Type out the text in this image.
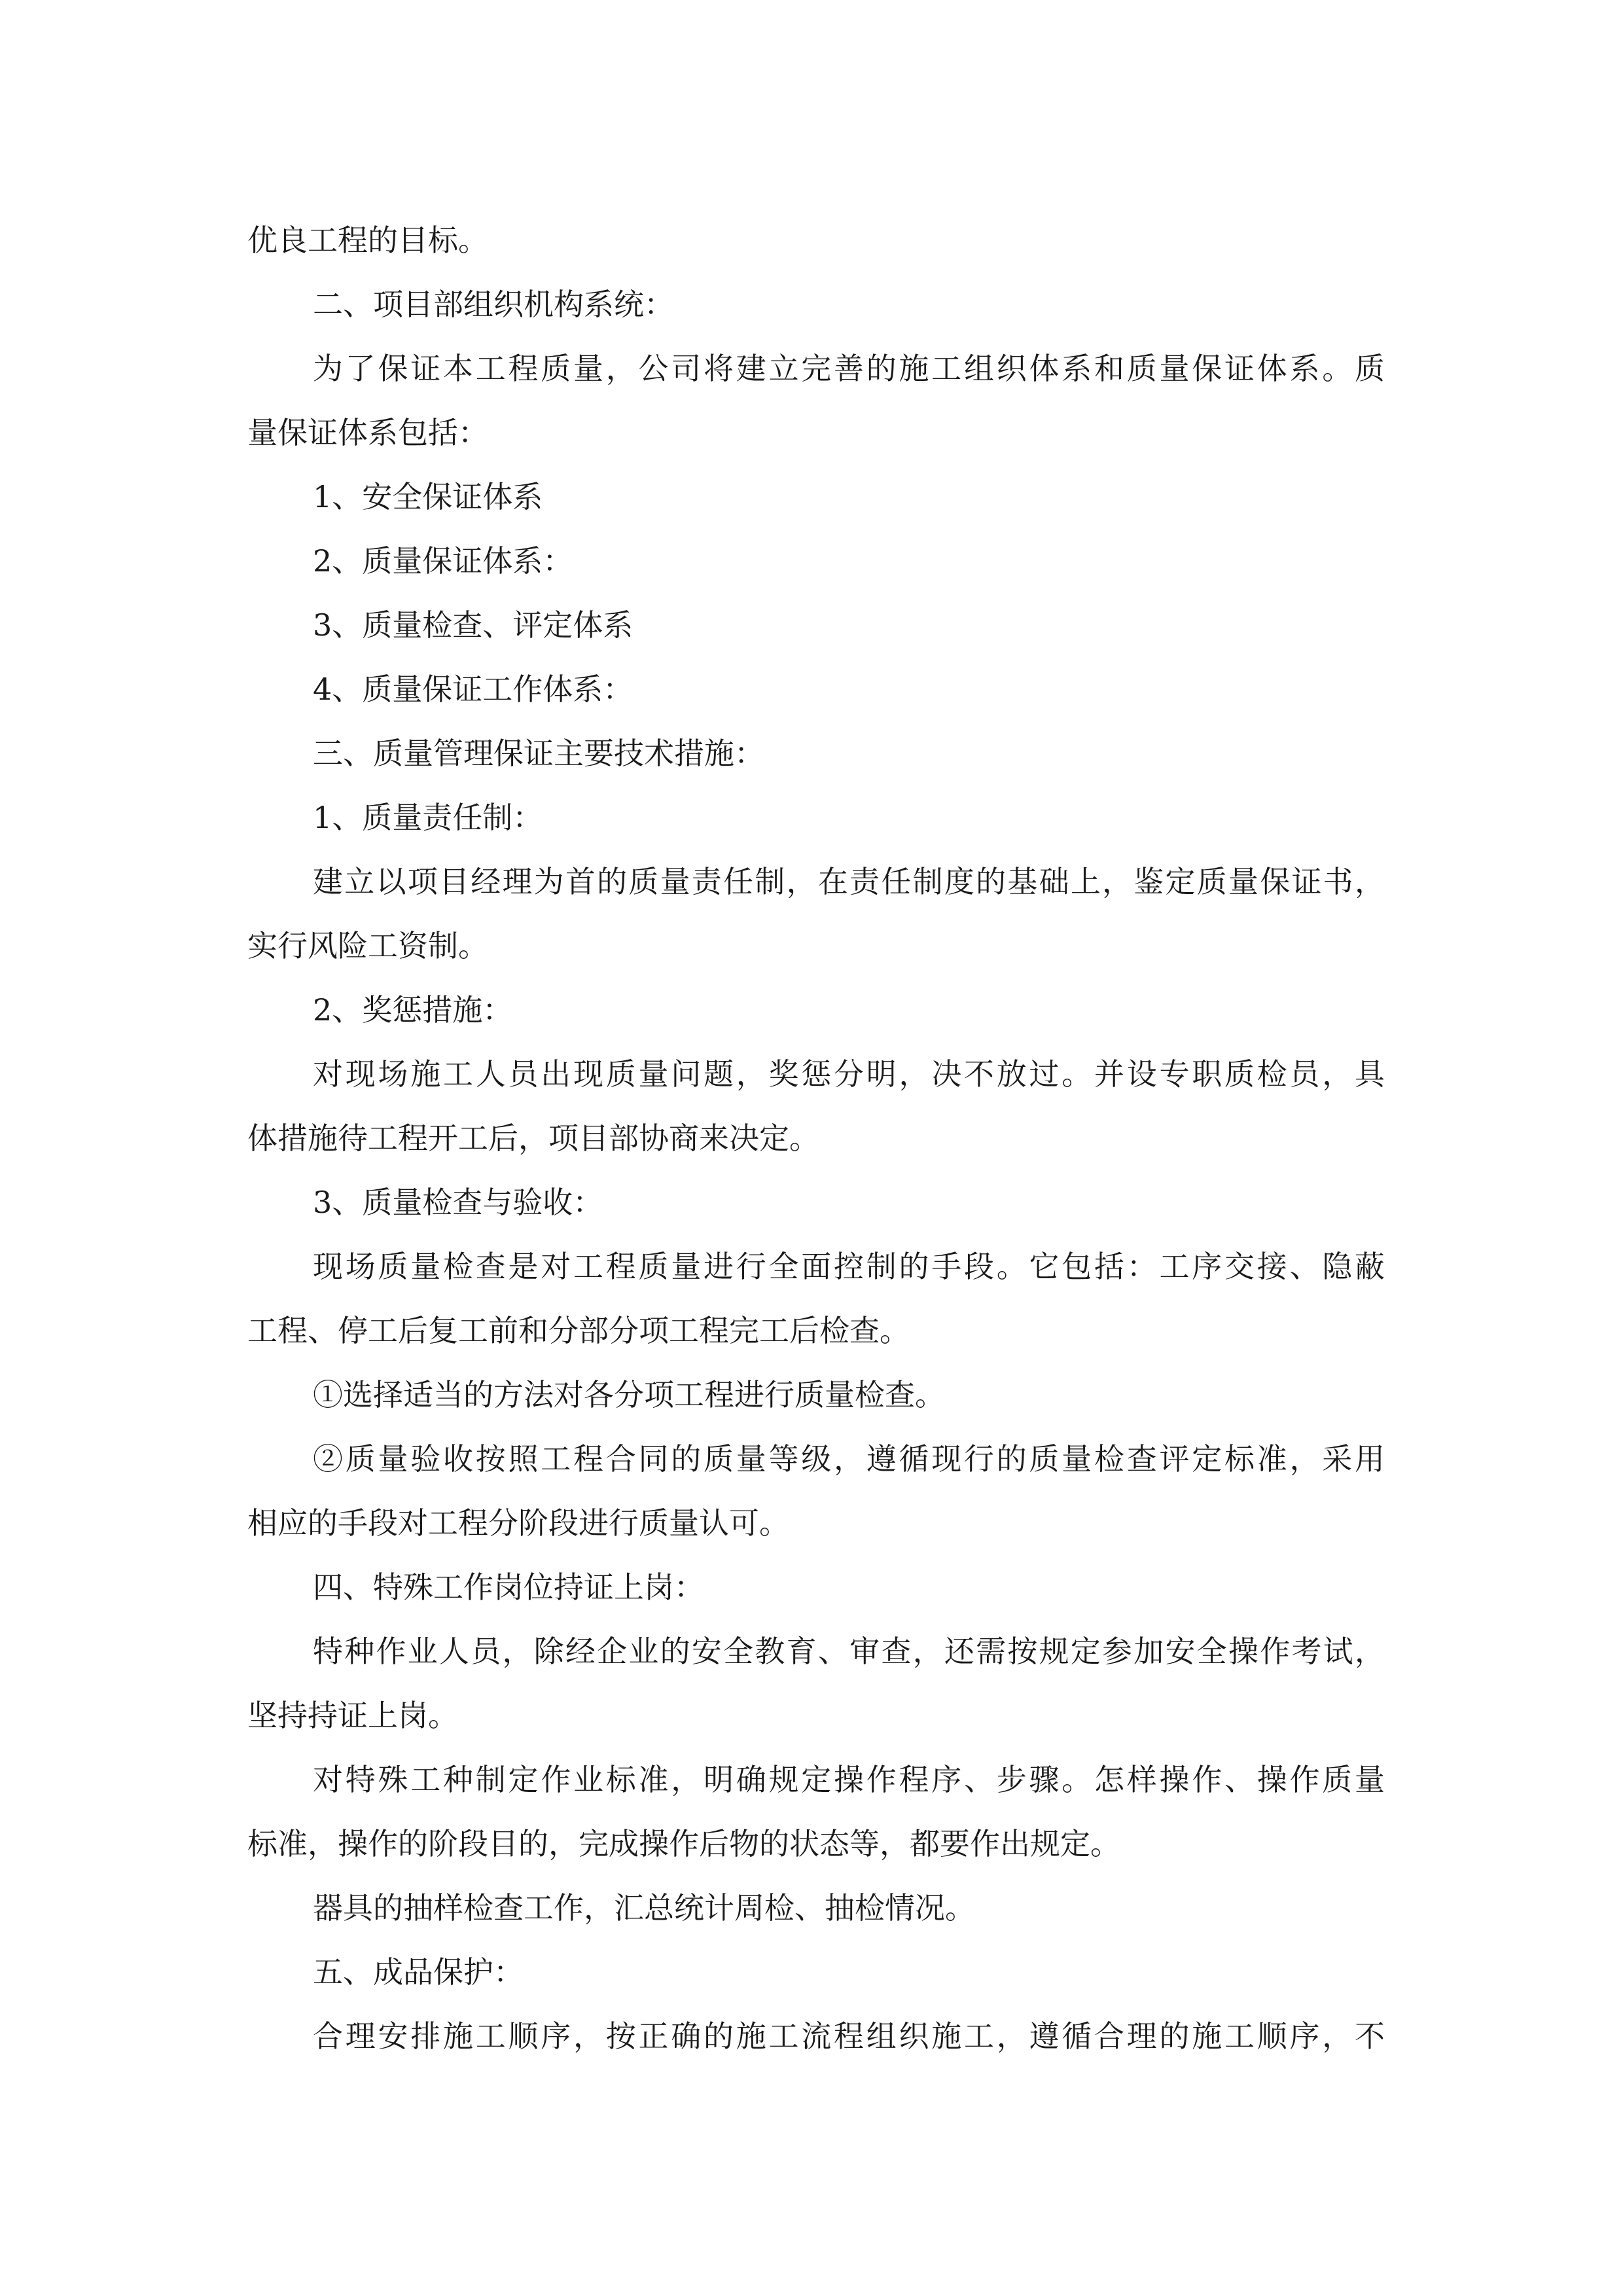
优良工程的目标。
二、项目部组织机构系统：
为了保证本工程质量，公司将建立完善的施工组织体系和质量保证体系。质
量保证体系包括：
1、安全保证体系
2、质量保证体系：
3、质量检查、评定体系
4、质量保证工作体系：
三、质量管理保证主要技术措施：
1、质量责任制：
建立以项目经理为首的质量责任制，在责任制度的基础上，鉴定质量保证书，
实行风险工资制。
2、奖惩措施：
对现场施工人员出现质量问题，奖惩分明，决不放过。并设专职质检员，具
体措施待工程开工后，项目部协商来决定。
3、质量检查与验收：
现场质量检查是对工程质量进行全面控制的手段。它包括：工序交接、隐蔽
工程、停工后复工前和分部分项工程完工后检查。
①选择适当的方法对各分项工程进行质量检查。
②质量验收按照工程合同的质量等级，遵循现行的质量检查评定标准，采用
相应的手段对工程分阶段进行质量认可。
四、特殊工作岗位持证上岗：
特种作业人员，除经企业的安全教育、审查，还需按规定参加安全操作考试，
坚持持证上岗。
对特殊工种制定作业标准，明确规定操作程序、步骤。怎样操作、操作质量
标准，操作的阶段目的，完成操作后物的状态等，都要作出规定。
器具的抽样检查工作，汇总统计周检、抽检情况。
五、成品保护：
合理安排施工顺序，按正确的施工流程组织施工，遵循合理的施工顺序，不
